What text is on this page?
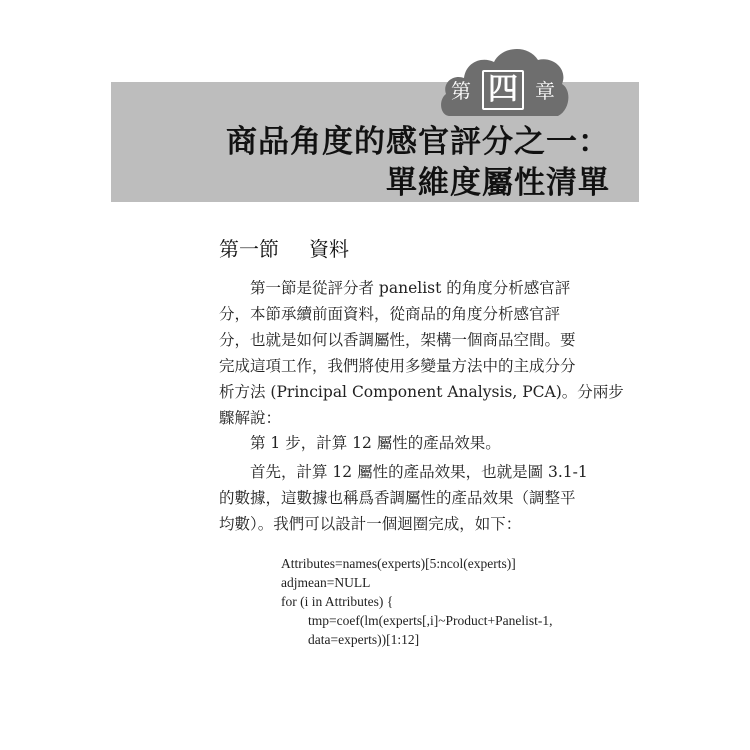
第 四 章
商品角度的感官評分之一：
單維度屬性清單
第一節 資料
第一節是從評分者 panelist 的角度分析感官評
分，本節承續前面資料，從商品的角度分析感官評
分，也就是如何以香調屬性，架構一個商品空間。要
完成這項工作，我們將使用多變量方法中的主成分分
析方法 (Principal Component Analysis, PCA)。分兩步
驟解說：
第 1 步，計算 12 屬性的產品效果。
首先，計算 12 屬性的產品效果，也就是圖 3.1-1
的數據，這數據也稱爲香調屬性的產品效果（調整平
均數）。我們可以設計一個迴圈完成，如下：
Attributes=names(experts)[5:ncol(experts)]
adjmean=NULL
for (i in Attributes) {
tmp=coef(lm(experts[,i]~Product+Panelist-1,
data=experts))[1:12]
